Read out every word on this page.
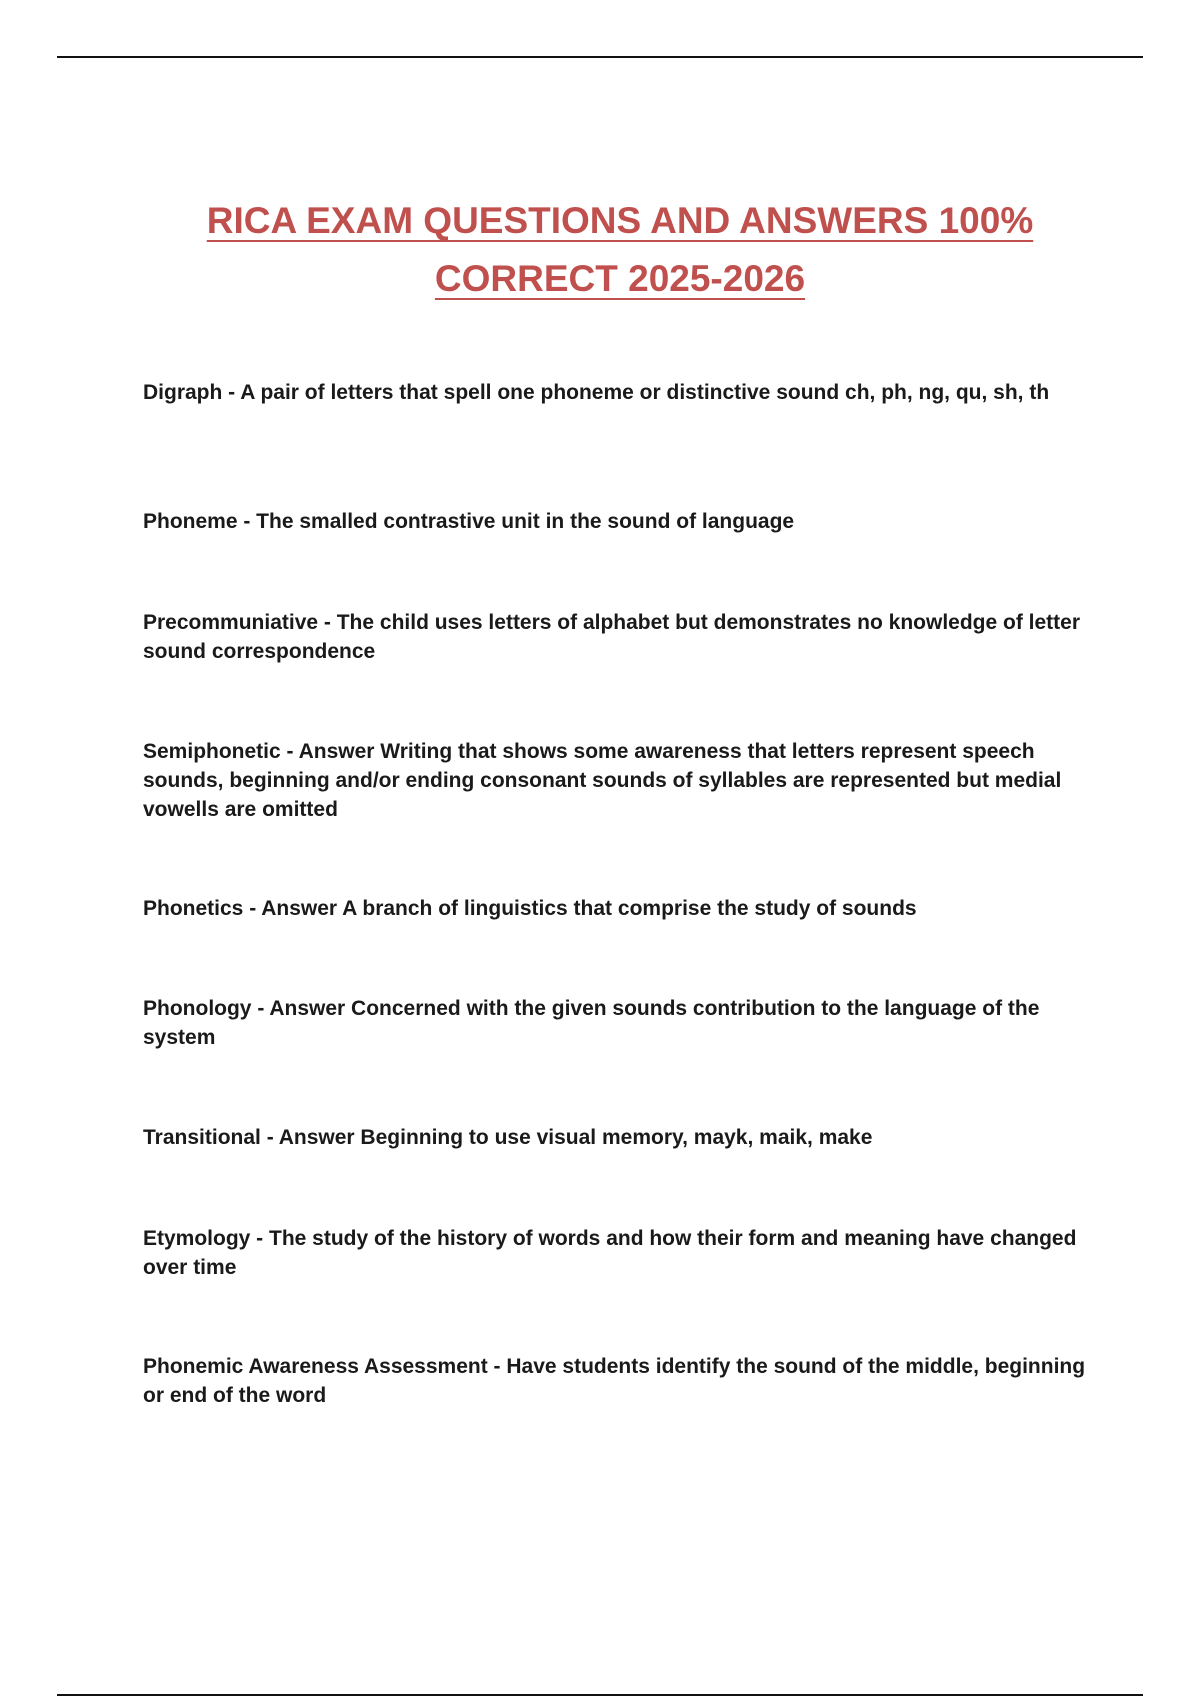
RICA EXAM QUESTIONS AND ANSWERS 100%
CORRECT 2025-2026

Digraph - A pair of letters that spell one phoneme or distinctive sound ch, ph, ng, qu, sh, th

Phoneme - The smalled contrastive unit in the sound of language

Precommuniative - The child uses letters of alphabet but demonstrates no knowledge of letter sound correspondence

Semiphonetic - Answer Writing that shows some awareness that letters represent speech sounds, beginning and/or ending consonant sounds of syllables are represented but medial vowells are omitted

Phonetics - Answer A branch of linguistics that comprise the study of sounds

Phonology - Answer Concerned with the given sounds contribution to the language of the system

Transitional - Answer Beginning to use visual memory, mayk, maik, make

Etymology - The study of the history of words and how their form and meaning have changed over time

Phonemic Awareness Assessment - Have students identify the sound of the middle, beginning or end of the word
